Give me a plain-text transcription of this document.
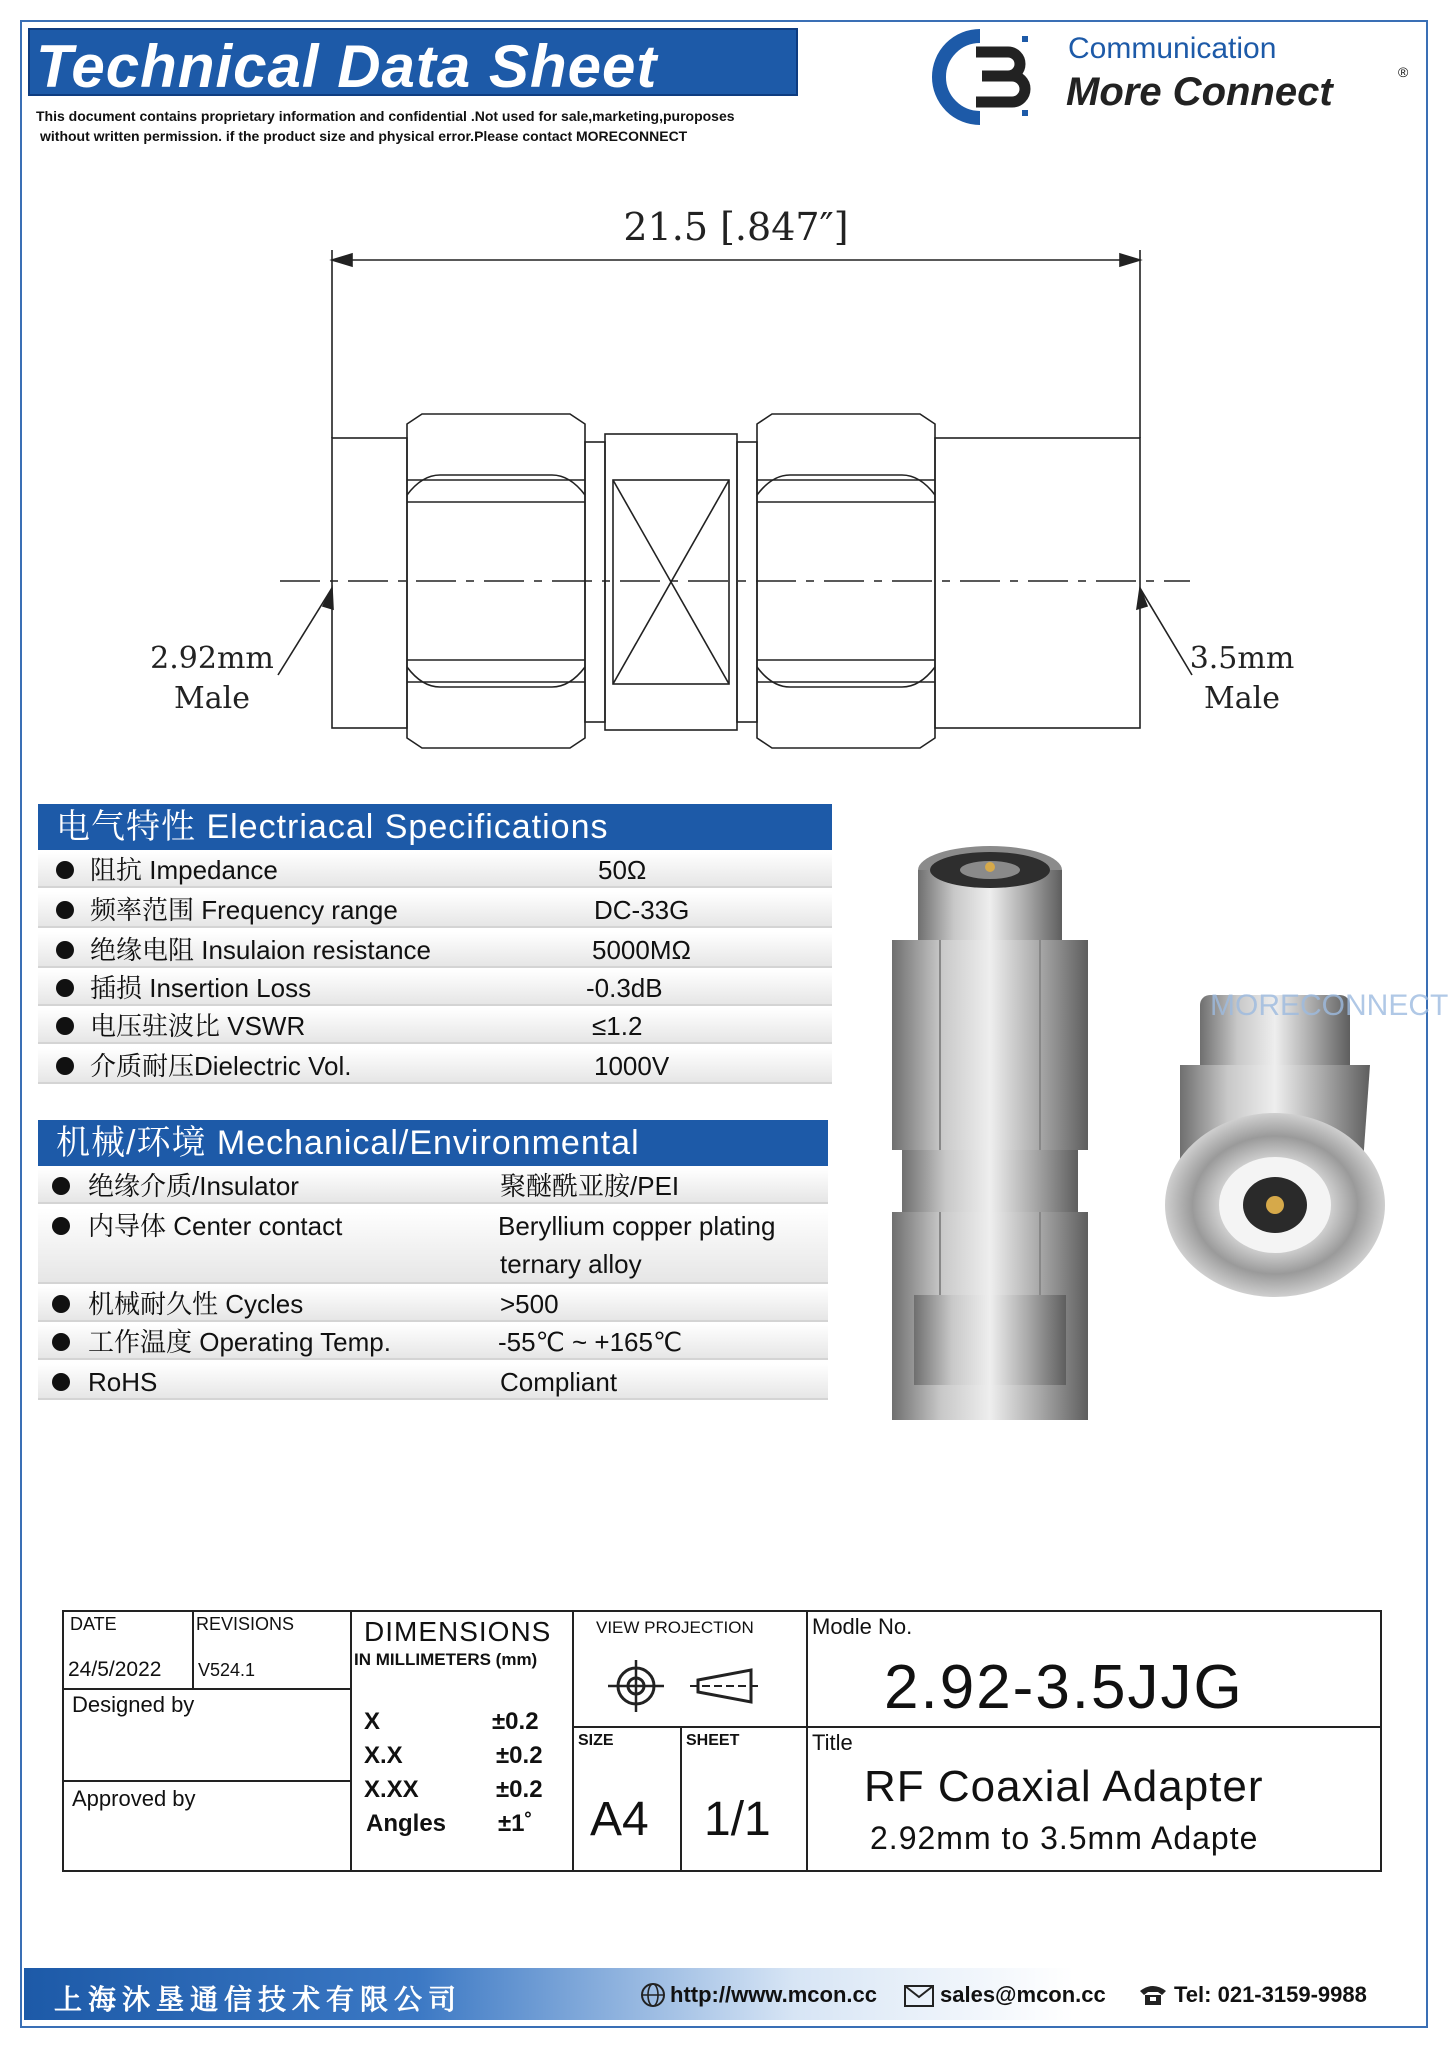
Technical Data Sheet
This document contains proprietary information and confidential .Not used for sale,marketing,puroposes
without written permission. if the product size and physical error.Please contact MORECONNECT
Communication
More Connect	®
21.5 [.847″]
2.92mm
Male
3.5mm
Male
电气特性 Electriacal Specifications
阻抗 Impedance	50Ω
频率范围 Frequency range	DC-33G
绝缘电阻 Insulaion resistance	5000MΩ
插损 Insertion Loss	-0.3dB
电压驻波比 VSWR	≤1.2
介质耐压Dielectric Vol.	1000V
机械/环境 Mechanical/Environmental
绝缘介质/Insulator	聚醚酰亚胺/PEI
内导体 Center contact	Beryllium copper plating
ternary alloy
机械耐久性 Cycles	>500
工作温度 Operating Temp.	-55℃ ~ +165℃
RoHS	Compliant
MORECONNECT
DATE
24/5/2022
REVISIONS
V524.1
Designed by
Approved by
DIMENSIONS
IN MILLIMETERS (mm)
X	±0.2
X.X	±0.2
X.XX	±0.2
Angles ±1˚
VIEW PROJECTION
SIZE
A4
SHEET
1/1
Modle No.
2.92-3.5JJG
Title
RF Coaxial Adapter
2.92mm to 3.5mm Adapte
上海沐垦通信技术有限公司	http://www.mcon.cc	sales@mcon.cc	Tel: 021-3159-9988
